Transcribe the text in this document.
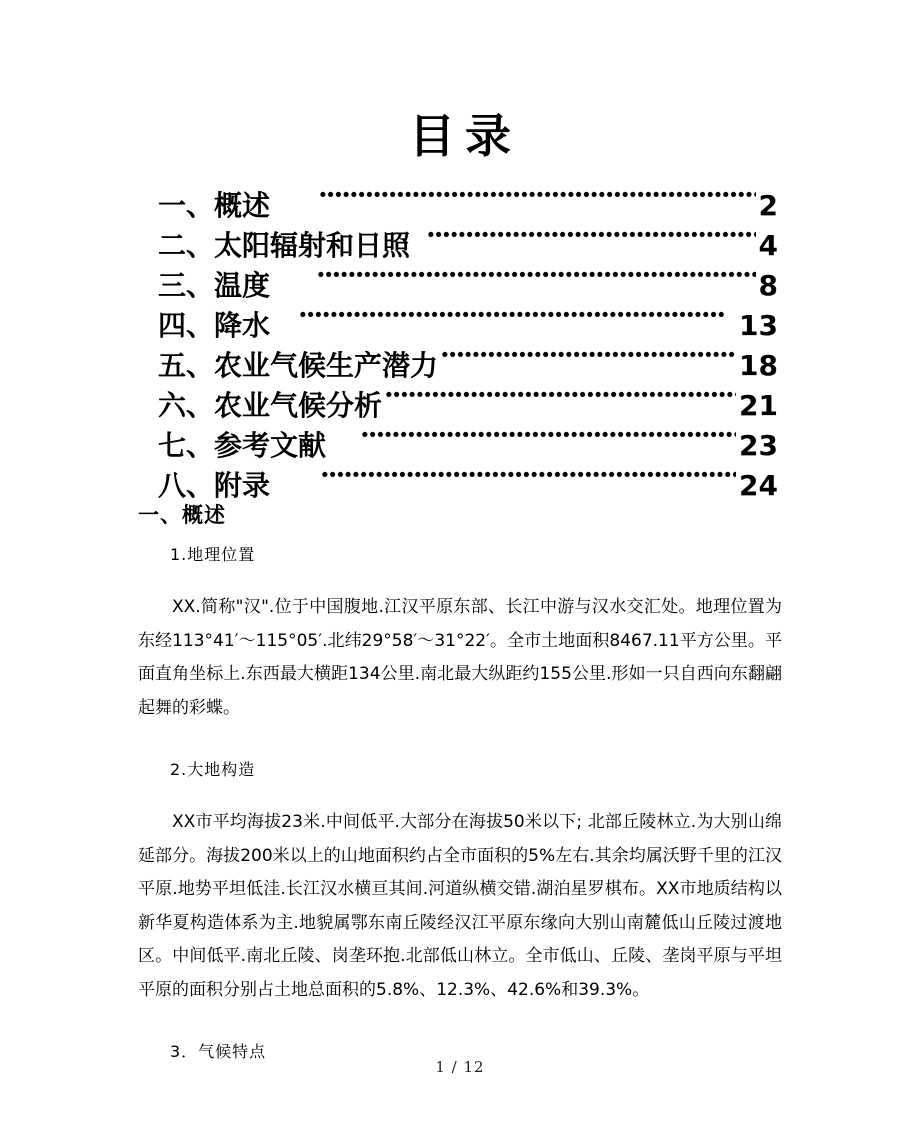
目录
一、 概述 ·····	2
二、 太阳辐射和日照 ·····	4
三、 温度 ·····	8
四、 降水 ·····	13
五、 农业气候生产潜力 ·····	18
六、 农业气候分析 ·····	21
七、 参考文献 ·····	23
八、 附录 ·····	24
一、概述
1.地理位置
XX.简称"汉".位于中国腹地.江汉平原东部、长江中游与汉水交汇处。地理位置为东经113°41′～115°05′.北纬29°58′～31°22′。全市土地面积8467.11平方公里。平面直角坐标上.东西最大横距134公里.南北最大纵距约155公里.形如一只自西向东翻翩起舞的彩蝶。
2.大地构造
XX市平均海拔23米.中间低平.大部分在海拔50米以下; 北部丘陵林立.为大别山绵延部分。海拔200米以上的山地面积约占全市面积的5%左右.其余均属沃野千里的江汉平原.地势平坦低洼.长江汉水横亘其间.河道纵横交错.湖泊星罗棋布。XX市地质结构以新华夏构造体系为主.地貌属鄂东南丘陵经汉江平原东缘向大别山南麓低山丘陵过渡地区。中间低平.南北丘陵、岗垄环抱.北部低山林立。全市低山、丘陵、垄岗平原与平坦平原的面积分别占土地总面积的5.8%、12.3%、42.6%和39.3%。
3．气候特点
1 / 12
